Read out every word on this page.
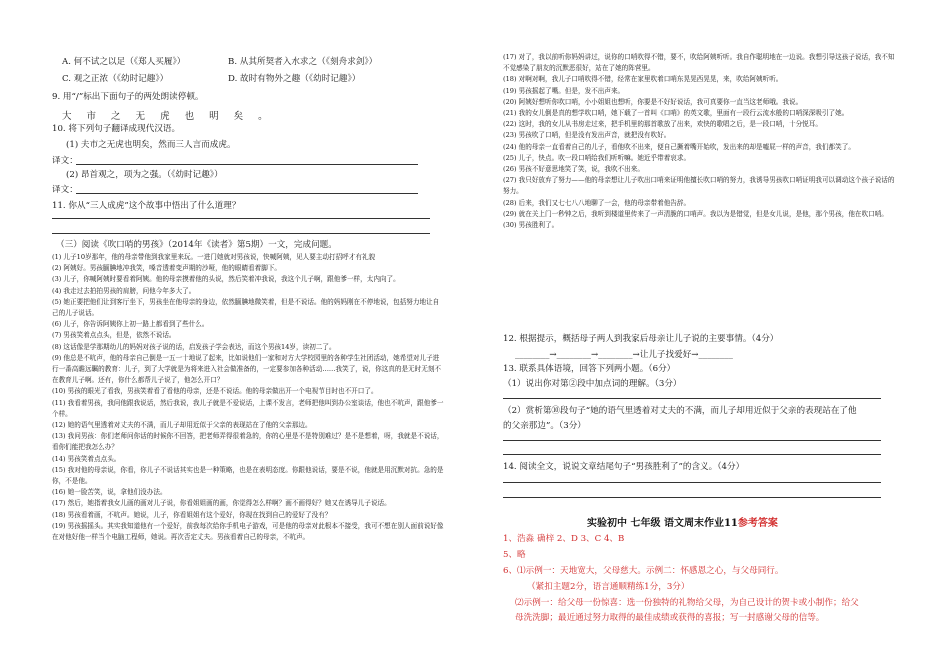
A. 何不试之以足（《郑人买履》）	B. 从其所契者入水求之（《刻舟求剑》）
C. 观之正浓（《幼时记趣》）	D. 故时有物外之趣（《幼时记趣》）
9. 用“/”标出下面句子的两处朗读停顿。
大 市 之 无 虎 也 明 矣 。
10. 将下列句子翻译成现代汉语。
(1) 夫市之无虎也明矣，然而三人言而成虎。
译文：
(2) 昂首观之，项为之强。（《幼时记趣》）
译文：
11. 你从“三人成虎”这个故事中悟出了什么道理？
（三）阅读《吹口哨的男孩》（2014年《读者》第5期）一文，完成问题。
(1) 儿子10岁那年，他的母亲带他到我家里来玩。一进门她就对男孩说，快喊阿姨，见人要主动打招呼才有礼貌
(2) 阿姨好。男孩腼腆地冲我笑，嗓音透着变声期的沙哑，他的眼睛看着脚下。
(3) 儿子，你喊阿姨时要看着阿姨。他的母亲摸着他的头说，然后笑着冲我说，我这个儿子啊，跟他爹一样，太内向了。
(4) 我走过去拍拍男孩的肩膀，问他今年多大了。
(5) 她正要把他们让到客厅坐下，男孩坐在他母亲的身边，依然腼腆地微笑着，但是不说话。他的妈妈刚在不停地说，包括努力地让自己的儿子说话。
(6) 儿子，你告诉阿姨你上初一路上都看到了些什么。
(7) 男孩笑着点点头，但是，依然不说话。
(8) 这话像是学那期幼儿的妈妈对孩子说的话，启发孩子学会表达，而这个男孩14岁，读初二了。
(9) 他总是不吭声，他的母亲自己倒是一五一十地说了起来，比如说他们一家和对方大学校园里的各种学生社团活动，她希望对儿子进行一番高瞻远瞩的教育：儿子，到了大学就是为将来进入社会做准备的，一定要参加各种活动……我笑了，说，你这真的是无时无刻不在教育儿子啊。还有，你什么都帮儿子说了，他怎么开口？
(10) 男孩的眼光了看我，男孩笑着看了看他的母亲，还是不说话。他的母亲做出开一个电视节目时也不开口了。
(11) 我看着男孩，我问他跟我说话，然后我说，我儿子就是不爱说话，上课不发言，老师把他叫到办公室谈话，他也不吭声，跟他爹一个样。
(12) 她的语气里透着对丈夫的不满，而儿子却用近似于父亲的表现站在了他的父亲那边。
(13) 我问男孩：你们老师问你话的时候你不回答，把老师弄得很着急的，你的心里是不是特别难过？是不是想着，呀，我就是不说话，看你们能把我怎么办？
(14) 男孩笑着点点头。
(15) 我对他的母亲说，你看，你儿子不说话其实也是一种策略，也是在表明态度。你跟他说话，要是不说，他就是用沉默对抗。急的是你，不是他。
(16) 她一脸苦笑，说，拿他们没办法。
(17) 然后，她指着我女儿画的画对儿子说，你看姐姐画的画，你觉得怎么样啊？画不画得好？她又在诱导儿子说话。
(18) 男孩看着画，不吭声。她说，儿子，你看姐姐有这个爱好，你现在找到自己的爱好了没有？
(19) 男孩摇摇头。其实我知道他有一个爱好，前我每次给你手机电子游戏，可是他的母亲对此根本不接受，我可不想在别人面前说好像在对他好他一样当个电脑工程师，她说。再次否定丈夫。男孩看着自己的母亲，不吭声。
(17) 对了，我以前听你妈妈讲过，说你的口哨吹得不错，要不，吹给阿姨听听。我自作聪明地在一边说。我想引导这孩子说话，我不知不觉感染了朋友的沉默恶很好，站在了她的阵营里。
(18) 对啊对啊，我儿子口哨吹得不错，经常在家里吹着口哨东晃晃西晃晃，来，吹给阿姨听听。
(19) 男孩摇起了嘴。但是，发不出声来。
(20) 阿姨好想听你吹口哨，小小姐姐也想听，你要是不好好说话，我可真要你一直当这老师哦。我说。
(21) 我的女儿倒是真的想学吹口哨，她下载了一首叫《口哨》的英文歌，里面有一段行云流水般的口哨深深吸引了她。
(22) 这时，我的女儿从书房走过来，把手机里的那首歌放了出来，欢快的歌唱之后，是一段口哨，十分悦耳。
(23) 男孩吹了口哨，但是没有发出声音，就把没有吹好。
(24) 他的母亲一直看着自己的儿子，看他吹不出来，便自己撅着嘴开始吹，发出来的却是嘘屁一样的声音，我们都笑了。
(25) 儿子，快点。吹一段口哨给我们听听嘛。她近乎带着哀求。
(26) 男孩不好意思地笑了笑，说，我吹不出来。
(27) 我只好放弃了努力——他的母亲想让儿子吹出口哨来证明他擅长吹口哨的努力，我诱导男孩吹口哨证明我可以调动这个孩子说话的努力。
(28) 后来，我们又七七八八地聊了一会，他的母亲带着他告辞。
(29) 就在关上门一秒钟之后，我听到楼道里传来了一声清脆的口哨声。我以为是错觉，但是女儿说，是他，那个男孩，他在吹口哨。
(30) 男孩胜利了。
12. 根据提示，概括母子两人到我家后母亲让儿子说的主要事情。（4分）
________→________→________→让儿子找爱好→________
13. 联系具体语境，回答下列两小题。（6分）
（1）说出你对第②段中加点词的理解。（3分）
（2）赏析第⑩段句子“她的语气里透着对丈夫的不满，而儿子却用近似于父亲的表现站在了他
的父亲那边”。（3分）
14. 阅读全文，说说文章结尾句子“男孩胜利了”的含义。（4分）
实验初中 七年级 语文周末作业11参考答案
1、浩淼 确梓 2、D 3、C 4、B
5、略
6、⑴示例一：天地宽大，父母慈大。示例二：怀感恩之心，与父母同行。
（紧扣主题2分，语言通顺精练1分，3分）
⑵示例一：给父母一份惊喜：选一份独特的礼物给父母，为自己设计的贺卡或小制作；给父
母洗洗脚；最近通过努力取得的最佳成绩或获得的喜报；写一封感谢父母的信等。
